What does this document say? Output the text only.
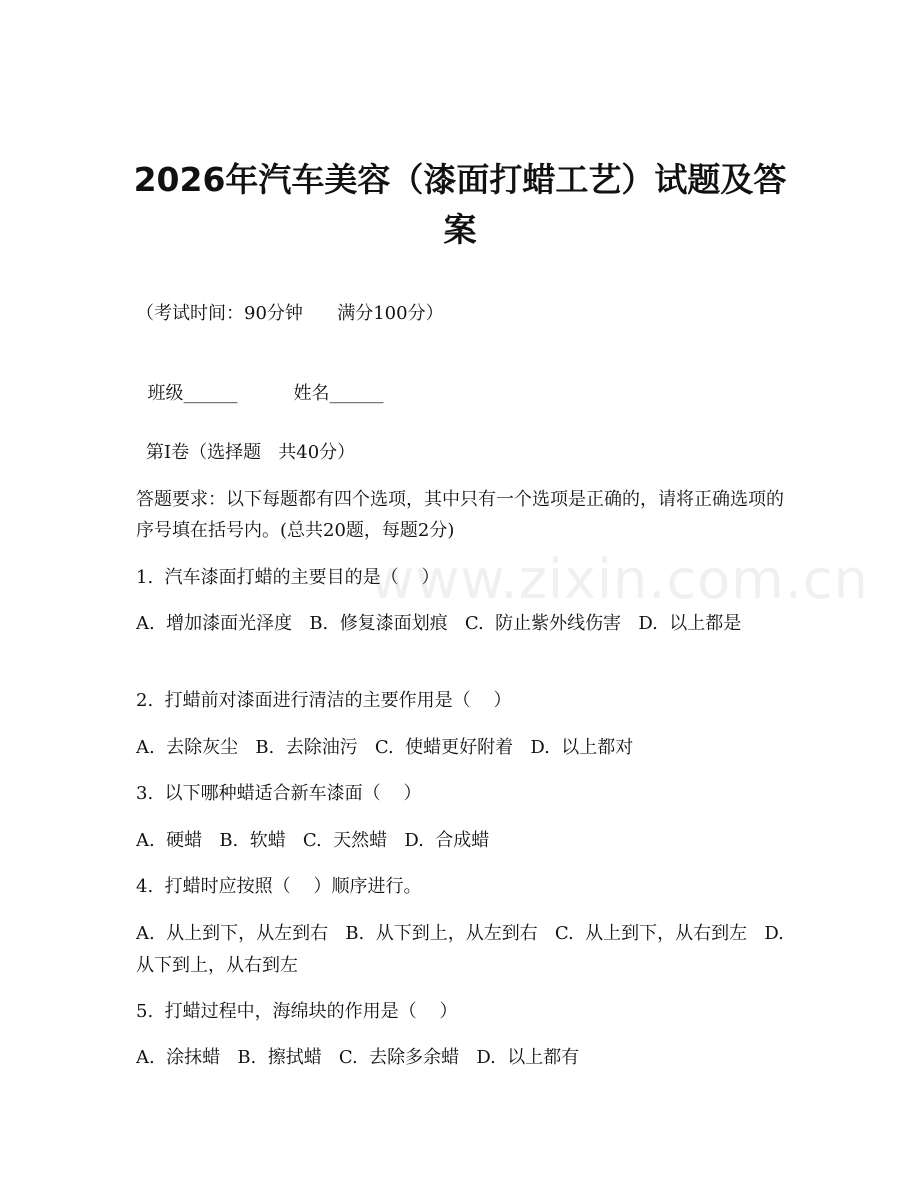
www.zixin.com.cn
2026年汽车美容（漆面打蜡工艺）试题及答案
（考试时间：90分钟      满分100分）

班级______	姓名______

第Ⅰ卷（选择题   共40分）
答题要求：以下每题都有四个选项，其中只有一个选项是正确的，请将正确选项的序号填在括号内。(总共20题，每题2分)
1.  汽车漆面打蜡的主要目的是（    ）
A.  增加漆面光泽度   B.  修复漆面划痕   C.  防止紫外线伤害   D.  以上都是
2.  打蜡前对漆面进行清洁的主要作用是（    ）
A.  去除灰尘   B.  去除油污   C.  使蜡更好附着   D.  以上都对
3.  以下哪种蜡适合新车漆面（    ）
A.  硬蜡   B.  软蜡   C.  天然蜡   D.  合成蜡
4.  打蜡时应按照（    ）顺序进行。
A.  从上到下，从左到右   B.  从下到上，从左到右   C.  从上到下，从右到左   D.  从下到上，从右到左
5.  打蜡过程中，海绵块的作用是（    ）
A.  涂抹蜡   B.  擦拭蜡   C.  去除多余蜡   D.  以上都有
